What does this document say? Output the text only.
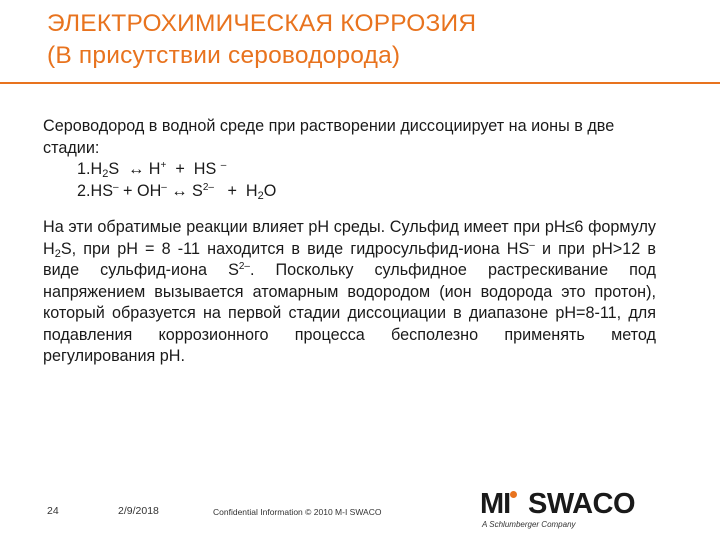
ЭЛЕКТРОХИМИЧЕСКАЯ КОРРОЗИЯ
(В присутствии сероводорода)

Сероводород в водной среде при растворении диссоциирует на ионы в две стадии:

$1.H_2S$  ↔ H+  +  HS –
2.HS– + OH– ↔ $S^{2-} + H_2O$

На эти обратимые реакции влияет pH среды. Сульфид имеет при pH≤6 формулу $H_2S$, при pH = 8 -11 находится в виде гидросульфид-иона HS– и при pH>12 в виде сульфид-иона $S^{2-}$. Поскольку сульфидное растрескивание под напряжением вызывается атомарным водородом (ион водорода это протон), который образуется на первой стадии диссоциации в диапазоне pH=8-11, для подавления коррозионного процесса бесполезно применять метод регулирования pH.

24	2/9/2018	Confidential Information © 2010 M-I SWACO	MI SWACO
A Schlumberger Company
